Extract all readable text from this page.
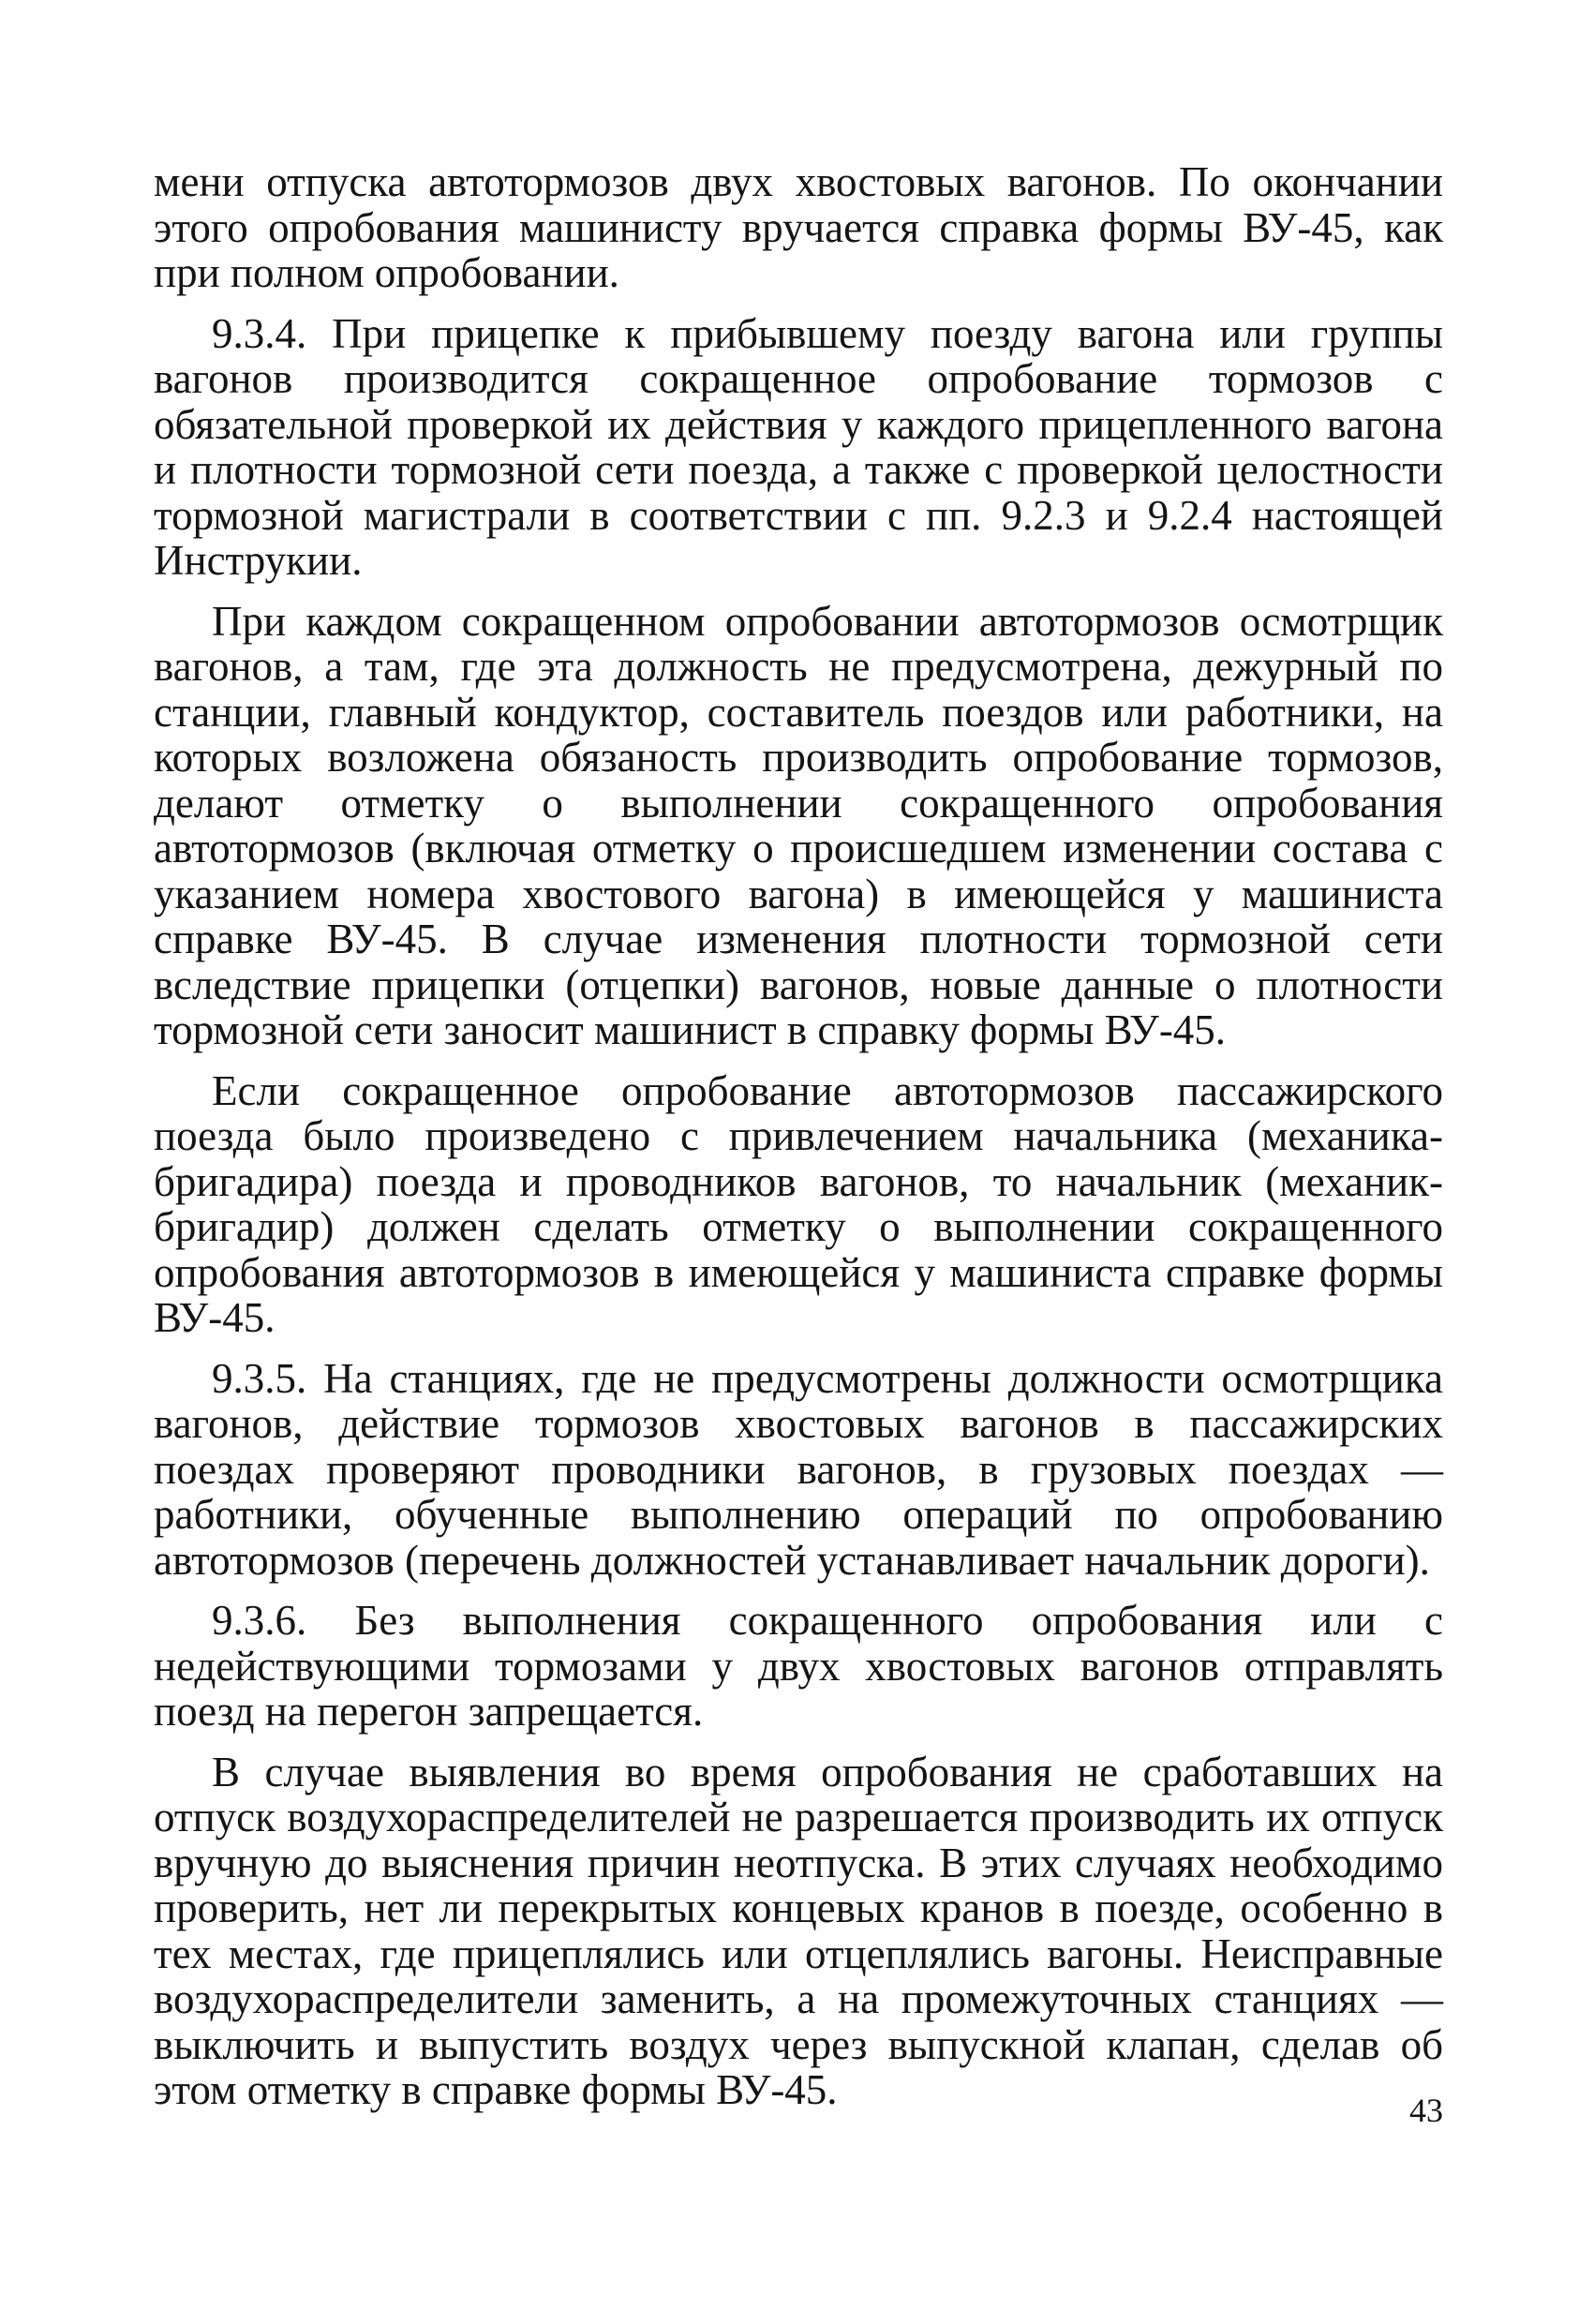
мени отпуска автотормозов двух хвостовых вагонов. По окончании этого опробования машинисту вручается справка формы ВУ-45, как при полном опробовании.

9.3.4. При прицепке к прибывшему поезду вагона или группы вагонов производится сокращенное опробование тормозов с обязательной проверкой их действия у каждого прицепленного вагона и плотности тормозной сети поезда, а также с проверкой целостности тормозной магистрали в соответствии с пп. 9.2.3 и 9.2.4 настоящей Инструкии.

При каждом сокращенном опробовании автотормозов осмотрщик вагонов, а там, где эта должность не предусмотрена, дежурный по станции, главный кондуктор, составитель поездов или работники, на которых возложена обязаность производить опробование тормозов, делают отметку о выполнении сокращенного опробования автотормозов (включая отметку о происшедшем изменении состава с указанием номера хвостового вагона) в имеющейся у машиниста справке ВУ-45. В случае изменения плотности тормозной сети вследствие прицепки (отцепки) вагонов, новые данные о плотности тормозной сети заносит машинист в справку формы ВУ-45.

Если сокращенное опробование автотормозов пассажирского поезда было произведено с привлечением начальника (механика-бригадира) поезда и проводников вагонов, то начальник (механик-бригадир) должен сделать отметку о выполнении сокращенного опробования автотормозов в имеющейся у машиниста справке формы ВУ-45.

9.3.5. На станциях, где не предусмотрены должности осмотрщика вагонов, действие тормозов хвостовых вагонов в пассажирских поездах проверяют проводники вагонов, в грузовых поездах — работники, обученные выполнению операций по опробованию автотормозов (перечень должностей устанавливает начальник дороги).

9.3.6. Без выполнения сокращенного опробования или с недействующими тормозами у двух хвостовых вагонов отправлять поезд на перегон запрещается.

В случае выявления во время опробования не сработавших на отпуск воздухораспределителей не разрешается производить их отпуск вручную до выяснения причин неотпуска. В этих случаях необходимо проверить, нет ли перекрытых концевых кранов в поезде, особенно в тех местах, где прицеплялись или отцеплялись вагоны. Неисправные воздухораспределители заменить, а на промежуточных станциях — выключить и выпустить воздух через выпускной клапан, сделав об этом отметку в справке формы ВУ-45.	43
